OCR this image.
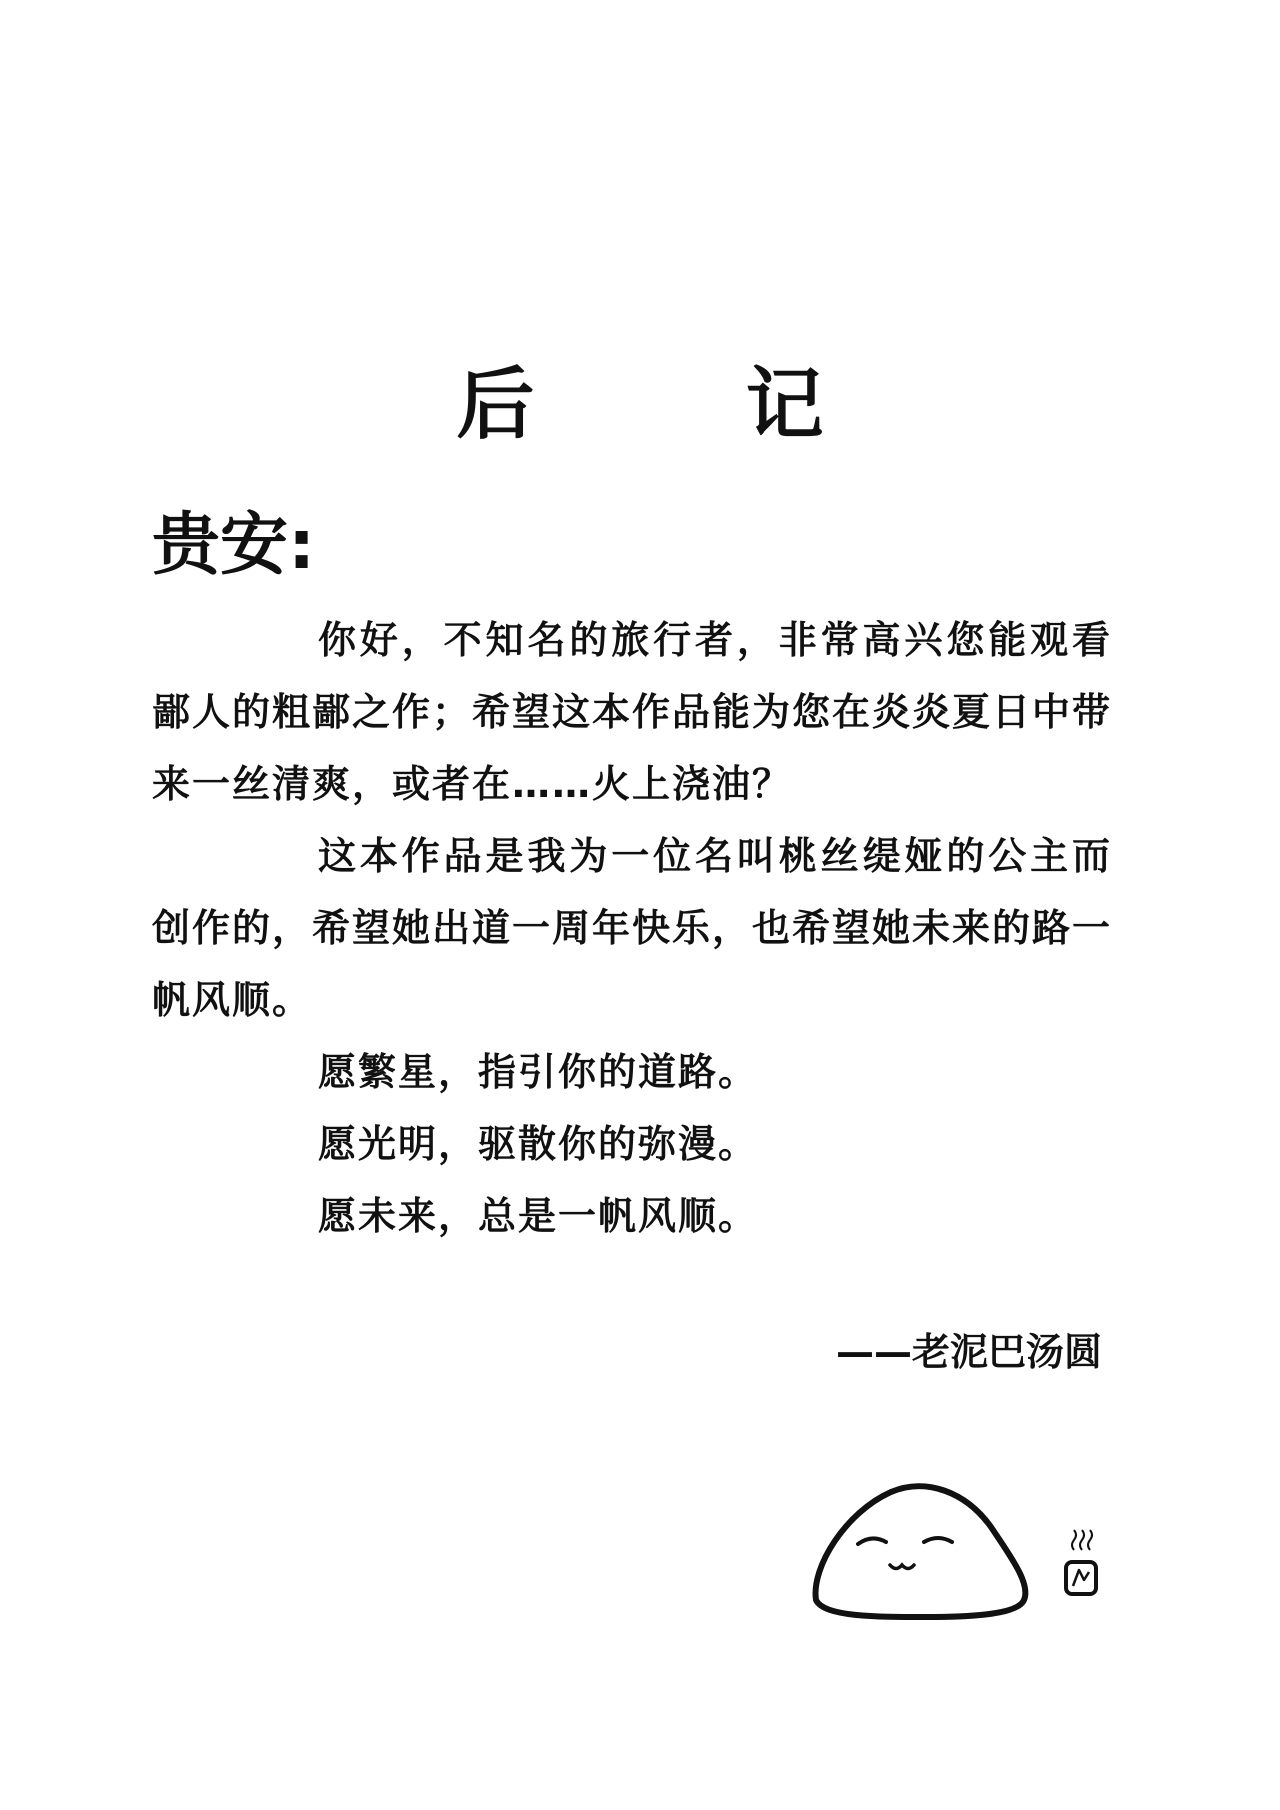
后 记
贵安:

你好，不知名的旅行者，非常高兴您能观看鄙人的粗鄙之作；希望这本作品能为您在炎炎夏日中带来一丝清爽，或者在……火上浇油？

这本作品是我为一位名叫桃丝缇娅的公主而创作的，希望她出道一周年快乐，也希望她未来的路一帆风顺。

愿繁星，指引你的道路。
愿光明，驱散你的弥漫。
愿未来，总是一帆风顺。
——老泥巴汤圆
